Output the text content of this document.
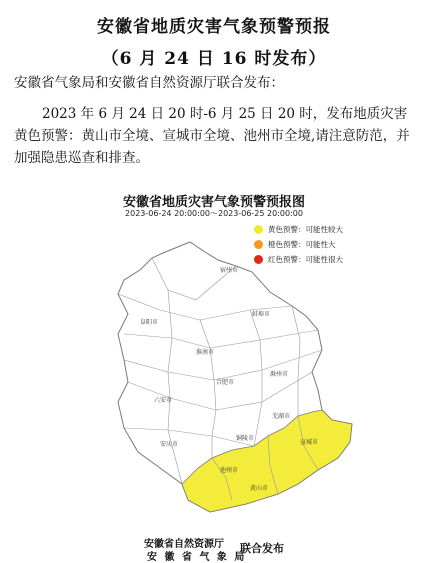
安徽省地质灾害气象预警预报
（6 月 24 日 16 时发布）
安徽省气象局和安徽省自然资源厅联合发布：
2023 年 6 月 24 日 20 时-6 月 25 日 20 时，发布地质灾害黄色预警：黄山市全境、宣城市全境、池州市全境,请注意防范，并加强隐患巡查和排查。
宿州市
阜阳市
蚌埠市
淮南市
六安市
合肥市
滁州市
安庆市
铜陵市
池州市
黄山市
宣城市
芜湖市
安徽省地质灾害气象预警预报图
2023-06-24 20:00:00～2023-06-25 20:00:00
黄色预警：可能性较大
橙色预警：可能性大
红色预警：可能性很大
安徽省自然资源厅
安 徽 省 气 象 局
联合发布
